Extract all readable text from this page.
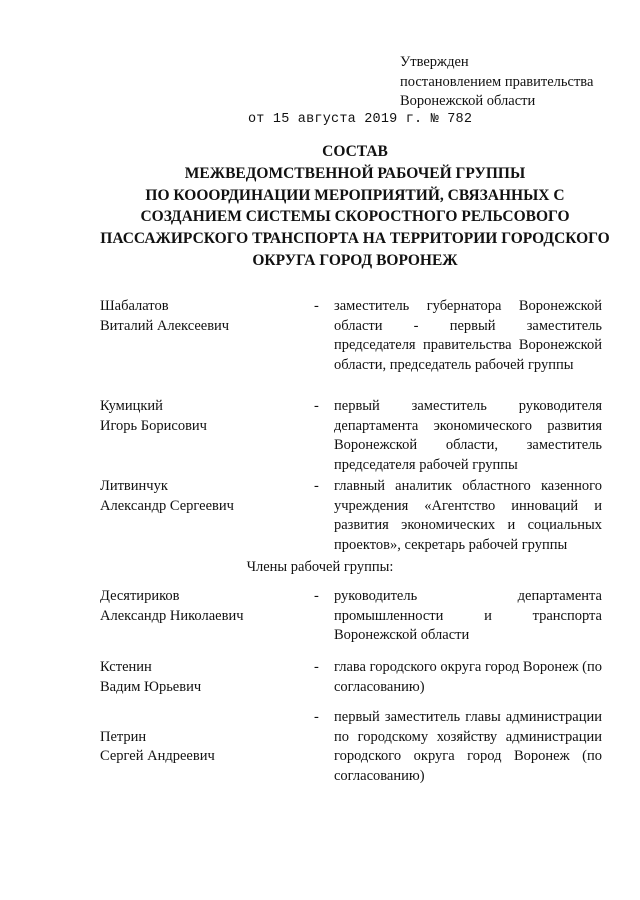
Утвержден
постановлением правительства
Воронежской области
от 15 августа 2019 г. № 782
СОСТАВ
МЕЖВЕДОМСТВЕННОЙ РАБОЧЕЙ ГРУППЫ
ПО КОООРДИНАЦИИ МЕРОПРИЯТИЙ, СВЯЗАННЫХ С
СОЗДАНИЕМ СИСТЕМЫ СКОРОСТНОГО РЕЛЬСОВОГО
ПАССАЖИРСКОГО ТРАНСПОРТА НА ТЕРРИТОРИИ ГОРОДСКОГО
ОКРУГА ГОРОД ВОРОНЕЖ
Шабалатов
Виталий Алексеевич
- заместитель губернатора Воронежской области - первый заместитель председателя правительства Воронежской области, председатель рабочей группы
Кумицкий
Игорь Борисович
- первый заместитель руководителя департамента экономического развития Воронежской области, заместитель председателя рабочей группы
Литвинчук
Александр Сергеевич
- главный аналитик областного казенного учреждения «Агентство инноваций и развития экономических и социальных проектов», секретарь рабочей группы
Члены рабочей группы:
Десятириков
Александр Николаевич
- руководитель департамента промышленности и транспорта Воронежской области
Кстенин
Вадим Юрьевич
- глава городского округа город Воронеж (по согласованию)
Петрин
Сергей Андреевич
- первый заместитель главы администрации по городскому хозяйству администрации городского округа город Воронеж (по согласованию)
